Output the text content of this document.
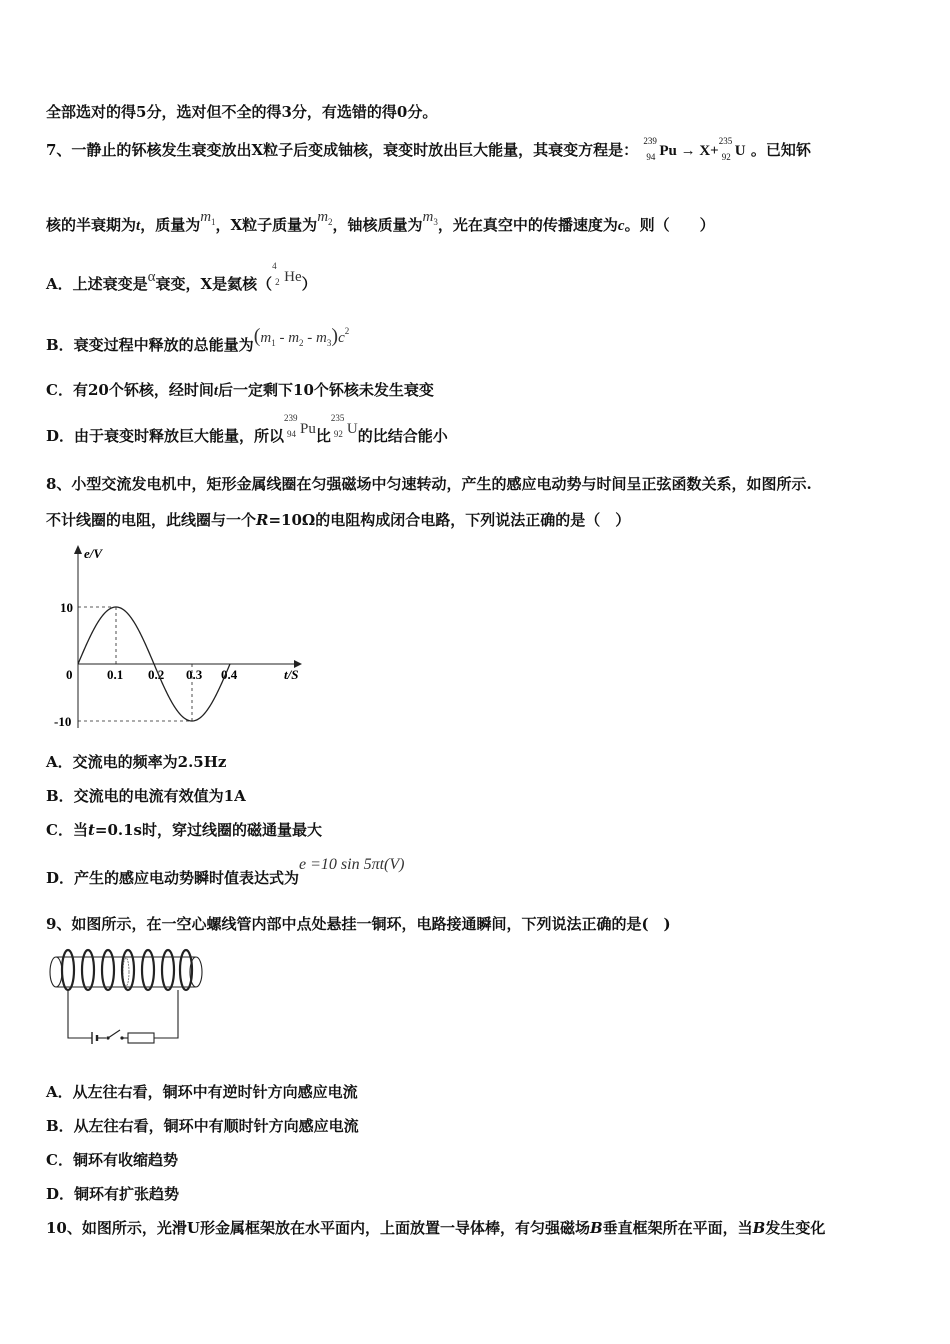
全部选对的得5分，选对但不全的得3分，有选错的得0分。
7、一静止的钚核发生衰变放出X粒子后变成铀核，衰变时放出巨大能量，其衰变方程是： 239
94 Pu → X+
235
92 U 。已知钚
核的半衰期为t，质量为$m_1$，X粒子质量为$m_2$，铀核质量为$m_3$，光在真空中的传播速度为c。则（　　）
A．上述衰变是α衰变，X是氦核（
4
2 He）
B．衰变过程中释放的总能量为$(m_1 - m_2 - m_3)c^2$
C．有20个钚核，经时间t后一定剩下10个钚核未发生衰变
D．由于衰变时释放巨大能量，所以
239
94 Pu比
235
92 U的比结合能小
8、小型交流发电机中，矩形金属线圈在匀强磁场中匀速转动，产生的感应电动势与时间呈正弦函数关系，如图所示.
不计线圈的电阻，此线圈与一个R=10Ω的电阻构成闭合电路，下列说法正确的是（　）
e/V
t/S
0	0.1 0.2 0.3 0.4
10
-10
A．交流电的频率为2.5Hz
B．交流电的电流有效值为1A
C．当t=0.1s时，穿过线圈的磁通量最大
D．产生的感应电动势瞬时值表达式为e =10 sin 5πt(V)
9、如图所示，在一空心螺线管内部中点处悬挂一铜环，电路接通瞬间，下列说法正确的是(　)
A．从左往右看，铜环中有逆时针方向感应电流
B．从左往右看，铜环中有顺时针方向感应电流
C．铜环有收缩趋势
D．铜环有扩张趋势
10、如图所示，光滑U形金属框架放在水平面内，上面放置一导体棒，有匀强磁场B垂直框架所在平面，当B发生变化
